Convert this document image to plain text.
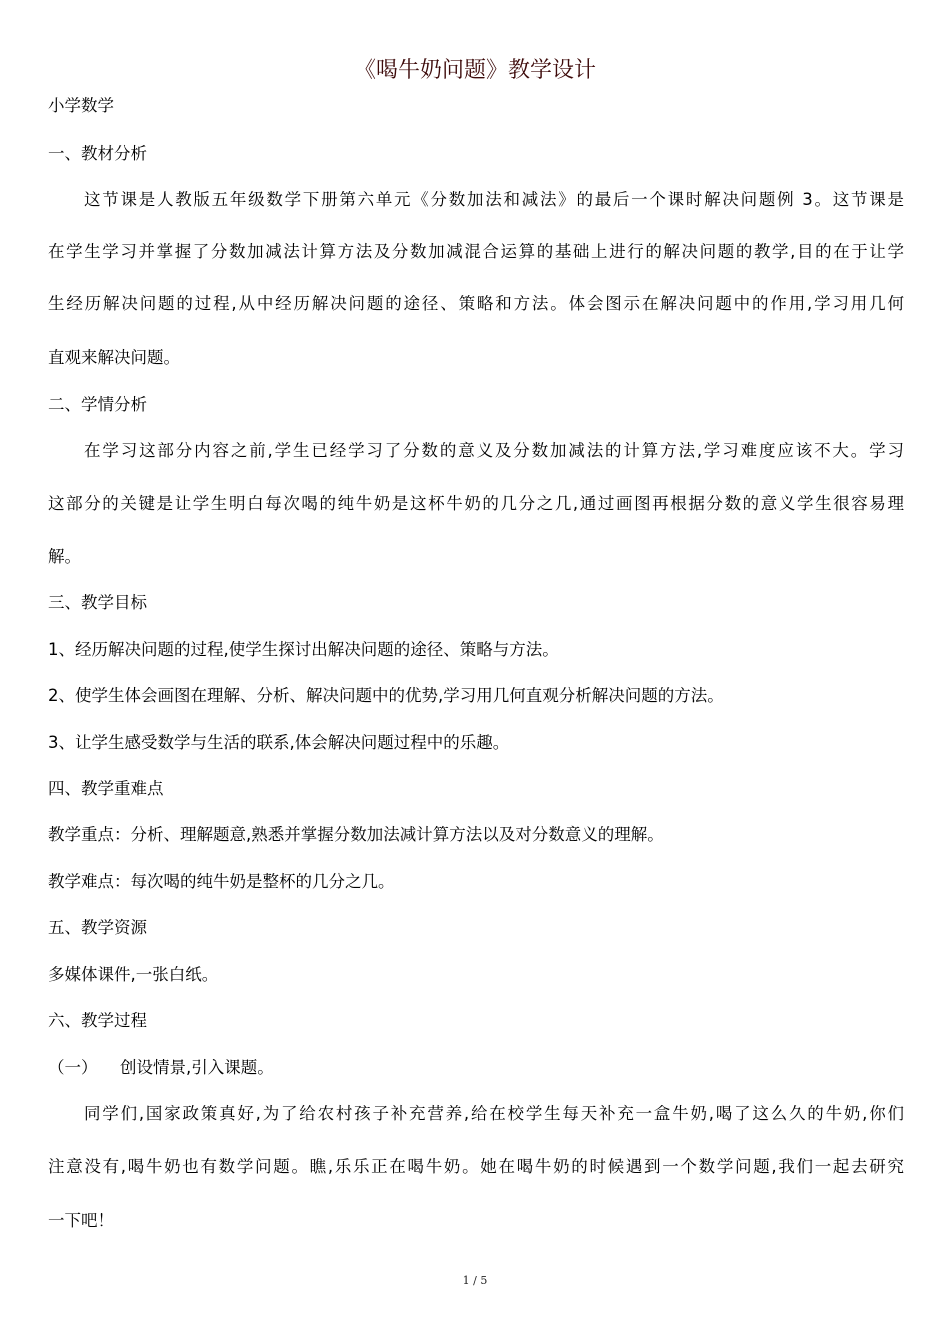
《喝牛奶问题》教学设计

小学数学

一、教材分析

这节课是人教版五年级数学下册第六单元《分数加法和减法》的最后一个课时解决问题例 3。这节课是

在学生学习并掌握了分数加减法计算方法及分数加减混合运算的基础上进行的解决问题的教学,目的在于让学

生经历解决问题的过程,从中经历解决问题的途径、策略和方法。体会图示在解决问题中的作用,学习用几何

直观来解决问题。

二、学情分析

在学习这部分内容之前,学生已经学习了分数的意义及分数加减法的计算方法,学习难度应该不大。学习

这部分的关键是让学生明白每次喝的纯牛奶是这杯牛奶的几分之几,通过画图再根据分数的意义学生很容易理

解。

三、教学目标

1、经历解决问题的过程,使学生探讨出解决问题的途径、策略与方法。

2、使学生体会画图在理解、分析、解决问题中的优势,学习用几何直观分析解决问题的方法。

3、让学生感受数学与生活的联系,体会解决问题过程中的乐趣。

四、教学重难点

教学重点：分析、理解题意,熟悉并掌握分数加法减计算方法以及对分数意义的理解。

教学难点：每次喝的纯牛奶是整杯的几分之几。

五、教学资源

多媒体课件,一张白纸。

六、教学过程

（一） 创设情景,引入课题。

同学们,国家政策真好,为了给农村孩子补充营养,给在校学生每天补充一盒牛奶,喝了这么久的牛奶,你们

注意没有,喝牛奶也有数学问题。瞧,乐乐正在喝牛奶。她在喝牛奶的时候遇到一个数学问题,我们一起去研究

一下吧！

1 / 5
